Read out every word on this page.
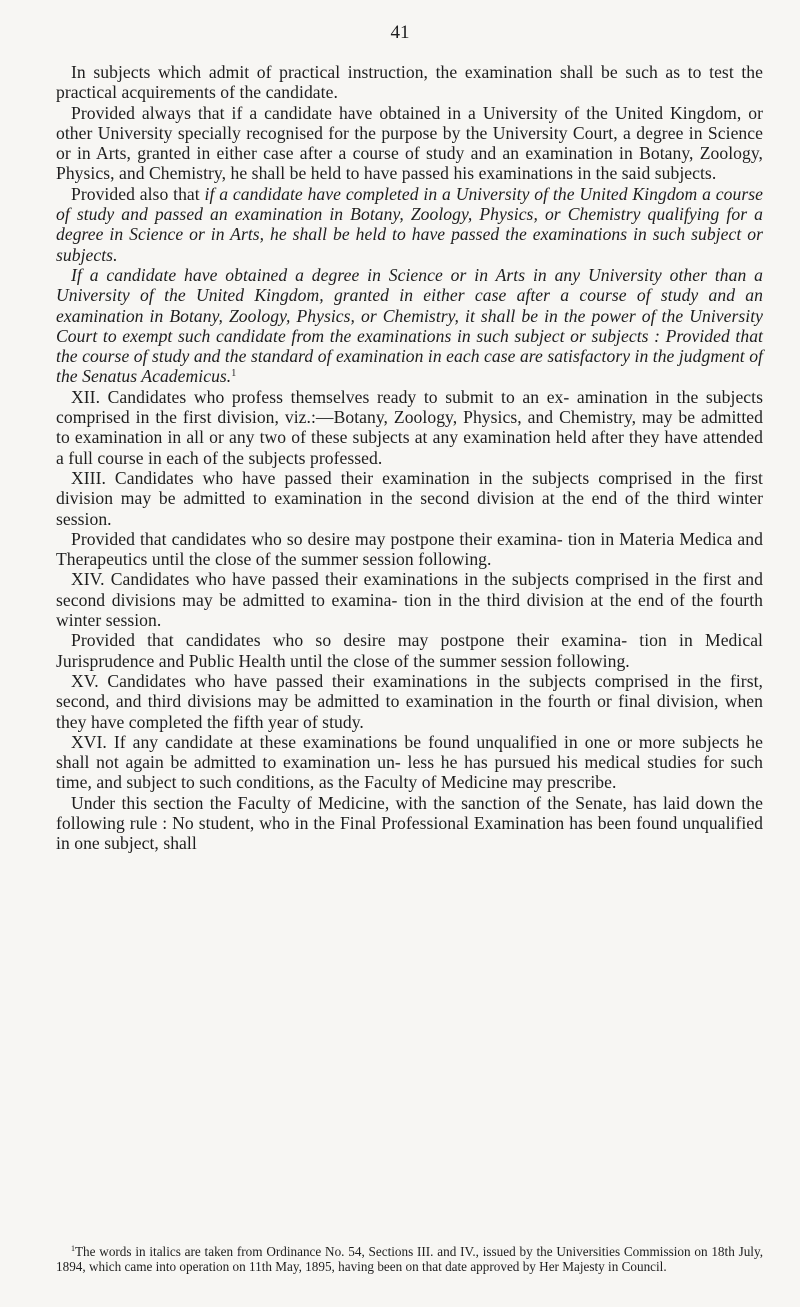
41

In subjects which admit of practical instruction, the examination shall be such as to test the practical acquirements of the candidate.

Provided always that if a candidate have obtained in a University of the United Kingdom, or other University specially recognised for the purpose by the University Court, a degree in Science or in Arts, granted in either case after a course of study and an examination in Botany, Zoology, Physics, and Chemistry, he shall be held to have passed his examinations in the said subjects.

Provided also that if a candidate have completed in a University of the United Kingdom a course of study and passed an examination in Botany, Zoology, Physics, or Chemistry qualifying for a degree in Science or in Arts, he shall be held to have passed the examinations in such subject or subjects.

If a candidate have obtained a degree in Science or in Arts in any University other than a University of the United Kingdom, granted in either case after a course of study and an examination in Botany, Zoology, Physics, or Chemistry, it shall be in the power of the University Court to exempt such candidate from the examinations in such subject or subjects : Provided that the course of study and the standard of examination in each case are satisfactory in the judgment of the Senatus Academicus.$^1$

XII. Candidates who profess themselves ready to submit to an ex- amination in the subjects comprised in the first division, viz.:—Botany, Zoology, Physics, and Chemistry, may be admitted to examination in all or any two of these subjects at any examination held after they have attended a full course in each of the subjects professed.

XIII. Candidates who have passed their examination in the subjects comprised in the first division may be admitted to examination in the second division at the end of the third winter session.

Provided that candidates who so desire may postpone their examina- tion in Materia Medica and Therapeutics until the close of the summer session following.

XIV. Candidates who have passed their examinations in the subjects comprised in the first and second divisions may be admitted to examina- tion in the third division at the end of the fourth winter session.

Provided that candidates who so desire may postpone their examina- tion in Medical Jurisprudence and Public Health until the close of the summer session following.

XV. Candidates who have passed their examinations in the subjects comprised in the first, second, and third divisions may be admitted to examination in the fourth or final division, when they have completed the fifth year of study.

XVI. If any candidate at these examinations be found unqualified in one or more subjects he shall not again be admitted to examination un- less he has pursued his medical studies for such time, and subject to such conditions, as the Faculty of Medicine may prescribe.

Under this section the Faculty of Medicine, with the sanction of the Senate, has laid down the following rule : No student, who in the Final Professional Examination has been found unqualified in one subject, shall

$^1$The words in italics are taken from Ordinance No. 54, Sections III. and IV., issued by the Universities Commission on 18th July, 1894, which came into operation on 11th May, 1895, having been on that date approved by Her Majesty in Council.
